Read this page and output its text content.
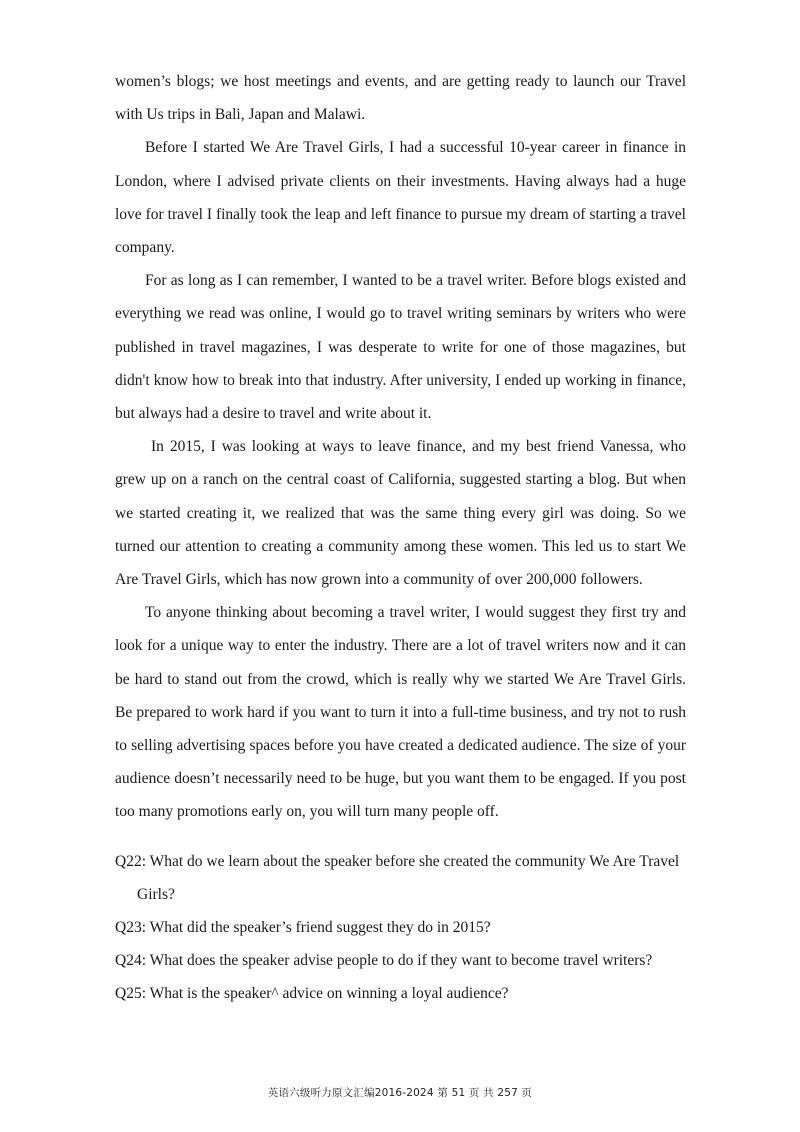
women’s blogs; we host meetings and events, and are getting ready to launch our Travel with Us trips in Bali, Japan and Malawi.

Before I started We Are Travel Girls, I had a successful 10-year career in finance in London, where I advised private clients on their investments. Having always had a huge love for travel I finally took the leap and left finance to pursue my dream of starting a travel company.

For as long as I can remember, I wanted to be a travel writer. Before blogs existed and everything we read was online, I would go to travel writing seminars by writers who were published in travel magazines, I was desperate to write for one of those magazines, but didn't know how to break into that industry. After university, I ended up working in finance, but always had a desire to travel and write about it.

In 2015, I was looking at ways to leave finance, and my best friend Vanessa, who grew up on a ranch on the central coast of California, suggested starting a blog. But when we started creating it, we realized that was the same thing every girl was doing. So we turned our attention to creating a community among these women. This led us to start We Are Travel Girls, which has now grown into a community of over 200,000 followers.

To anyone thinking about becoming a travel writer, I would suggest they first try and look for a unique way to enter the industry. There are a lot of travel writers now and it can be hard to stand out from the crowd, which is really why we started We Are Travel Girls. Be prepared to work hard if you want to turn it into a full-time business, and try not to rush to selling advertising spaces before you have created a dedicated audience. The size of your audience doesn’t necessarily need to be huge, but you want them to be engaged. If you post too many promotions early on, you will turn many people off.

Q22: What do we learn about the speaker before she created the community We Are Travel Girls?

Q23: What did the speaker’s friend suggest they do in 2015?

Q24: What does the speaker advise people to do if they want to become travel writers?

Q25: What is the speaker^ advice on winning a loyal audience?

英语六级听力原文汇编2016-2024 第 51 页 共 257 页
